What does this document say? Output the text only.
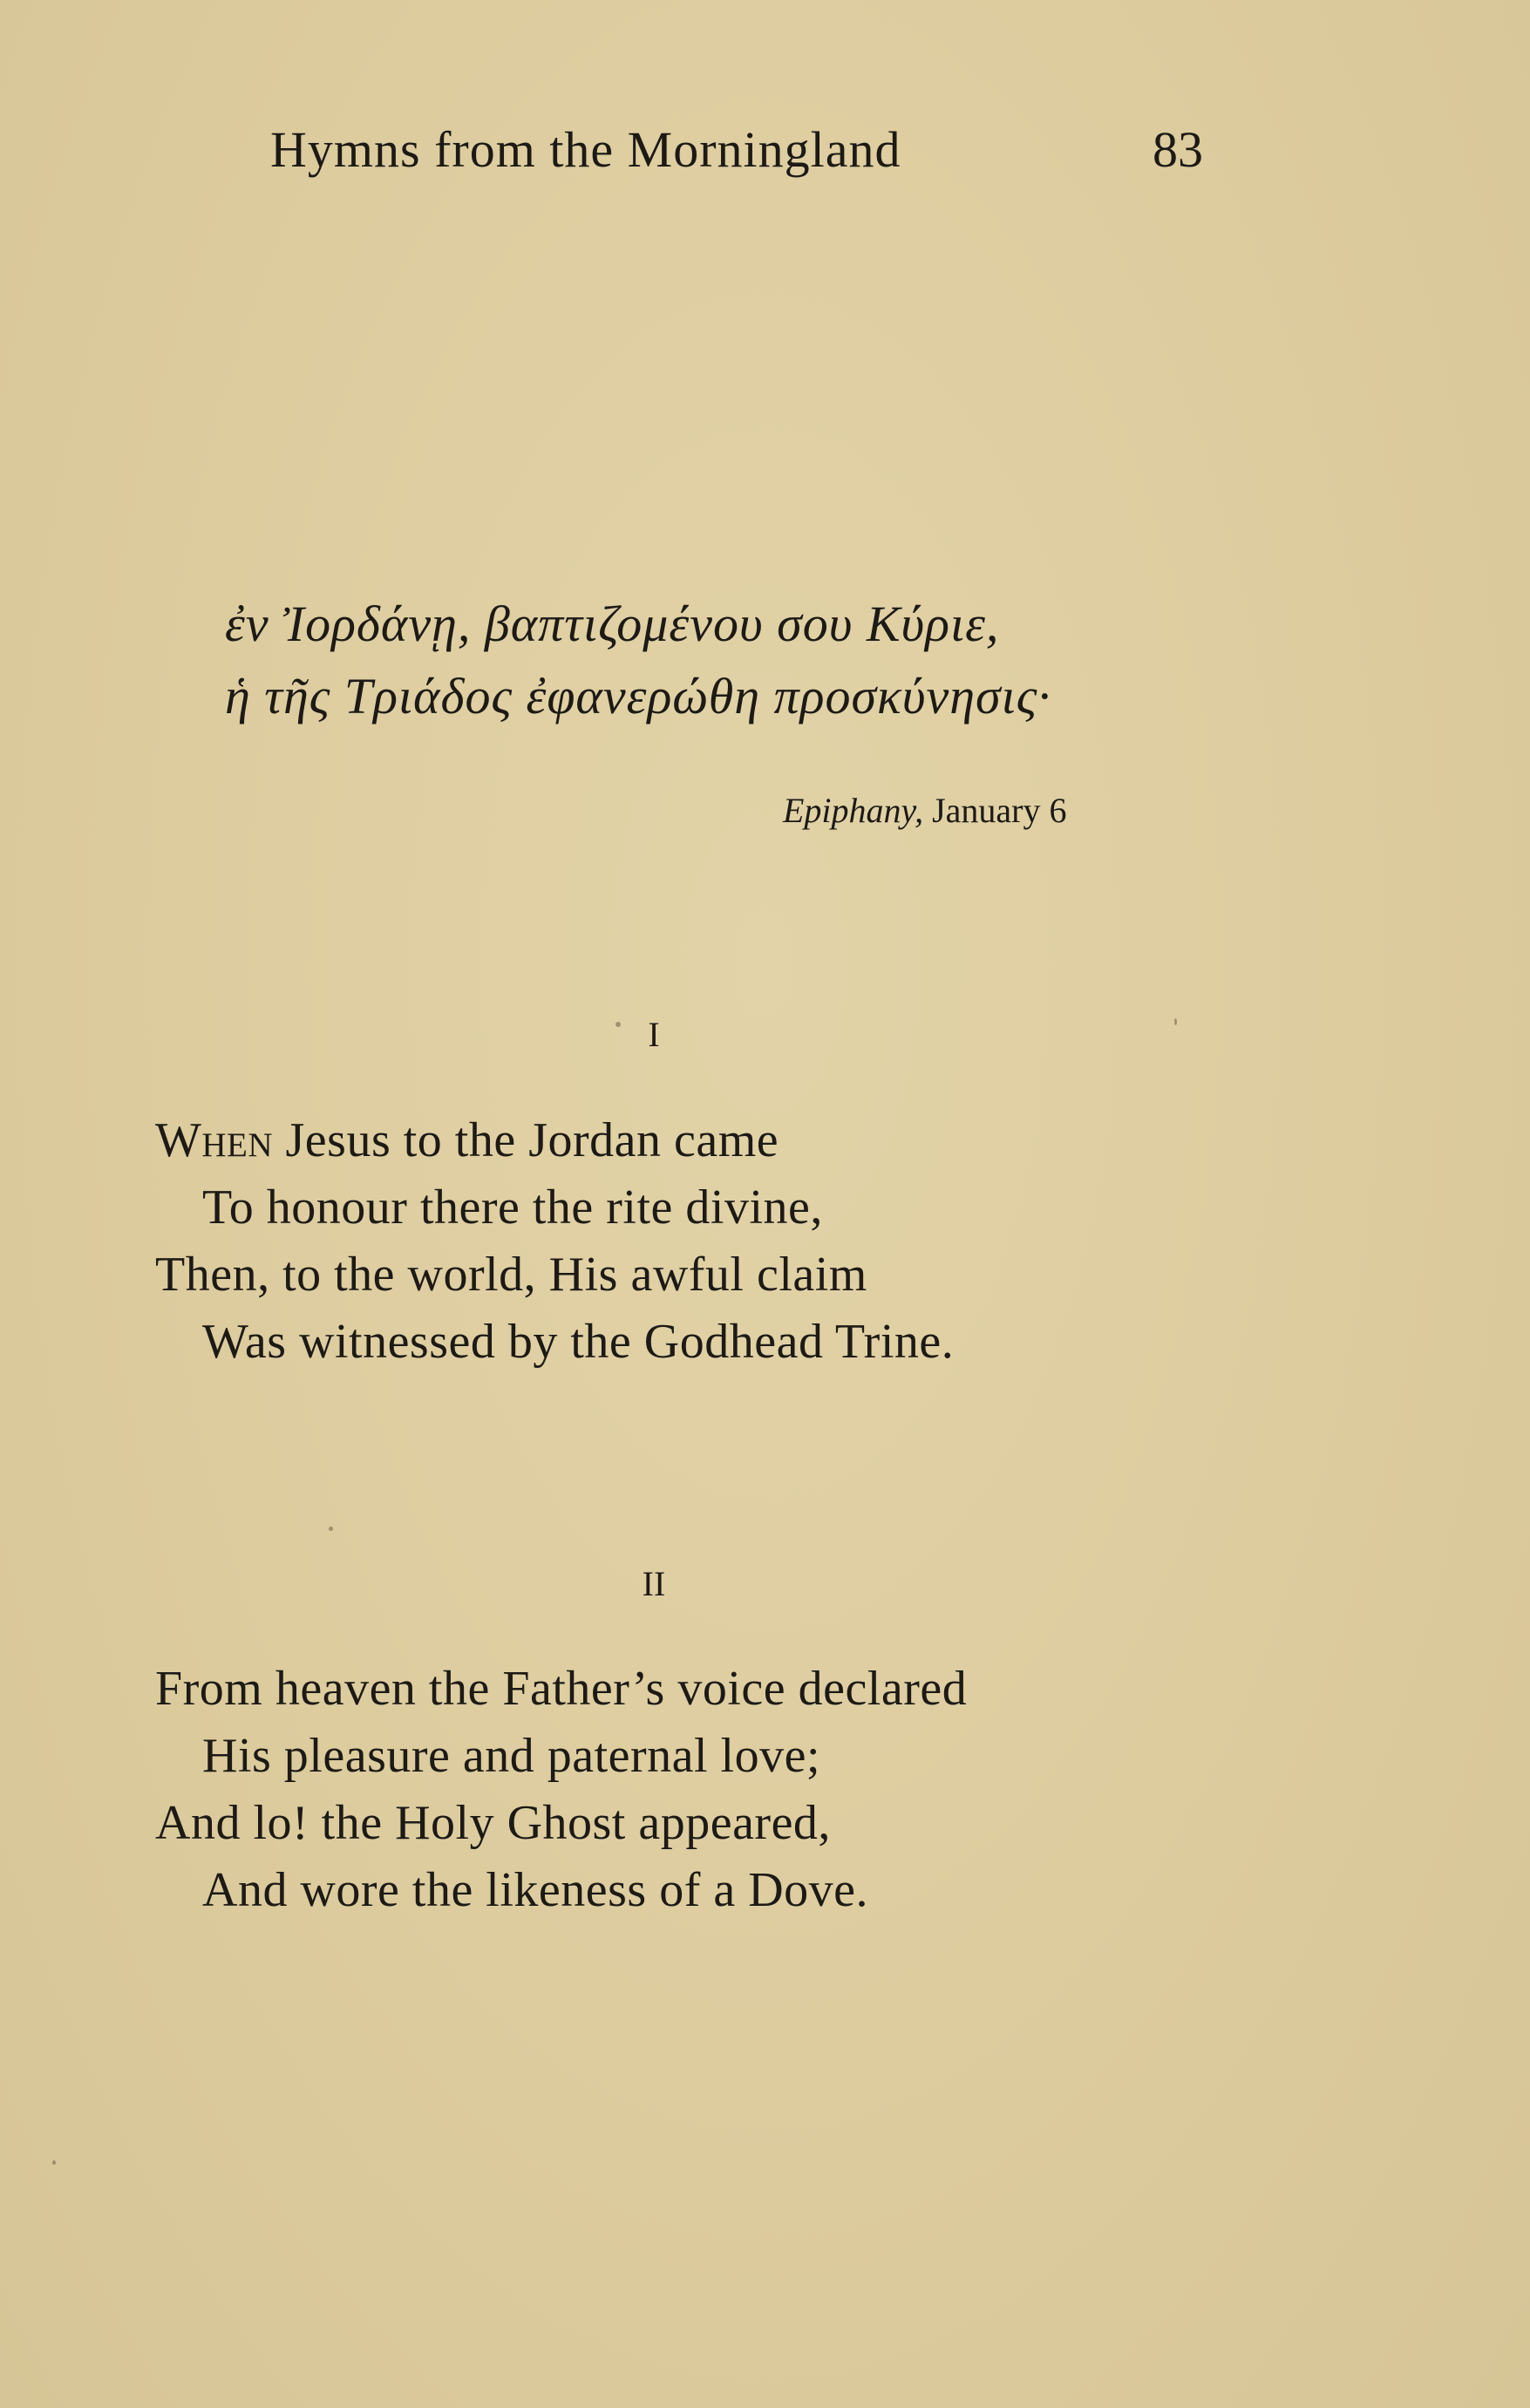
Hymns from the Morningland	83
ἐν Ἰορδάνῃ, βαπτιζομένου σου Κύριε,
ἡ τῆς Τριάδος ἐφανερώθη προσκύνησις·
Epiphany, January 6
I
When Jesus to the Jordan came
To honour there the rite divine,
Then, to the world, His awful claim
Was witnessed by the Godhead Trine.
II
From heaven the Father’s voice declared
His pleasure and paternal love;
And lo! the Holy Ghost appeared,
And wore the likeness of a Dove.
